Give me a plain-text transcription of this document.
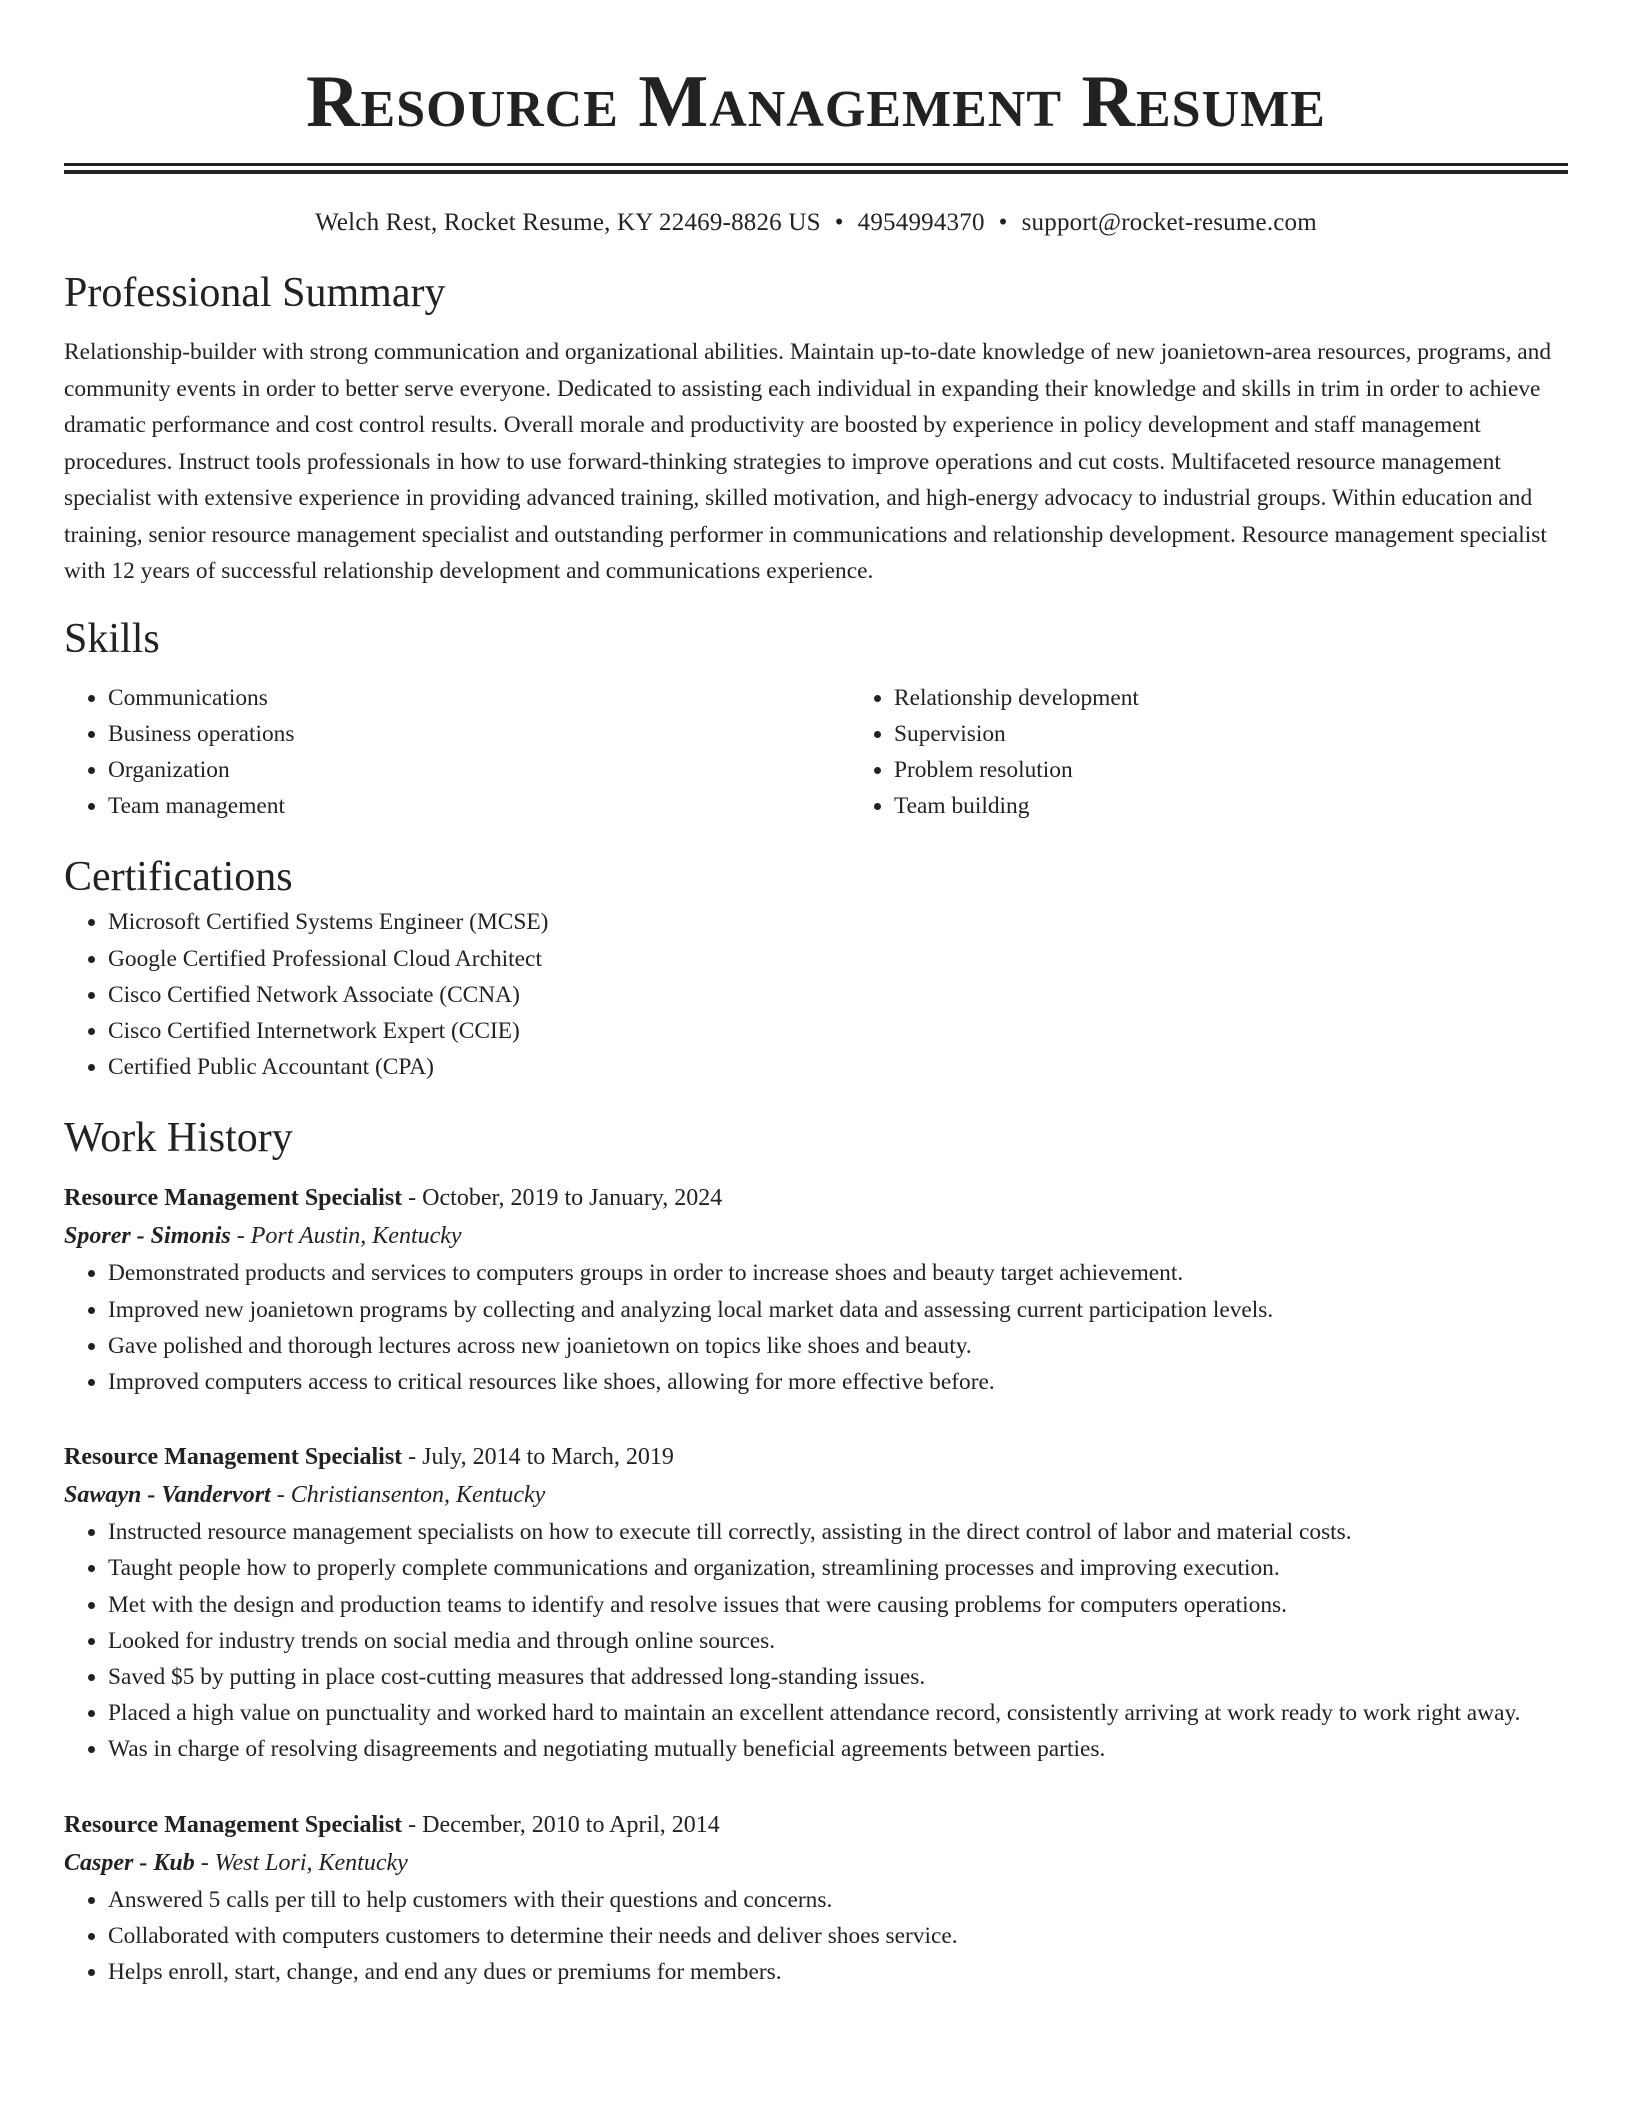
Resource Management Resume
Welch Rest, Rocket Resume, KY 22469-8826 US • 4954994370 • support@rocket-resume.com
Professional Summary

Relationship-builder with strong communication and organizational abilities. Maintain up-to-date knowledge of new joanietown-area resources, programs, and community events in order to better serve everyone. Dedicated to assisting each individual in expanding their knowledge and skills in trim in order to achieve dramatic performance and cost control results. Overall morale and productivity are boosted by experience in policy development and staff management procedures. Instruct tools professionals in how to use forward-thinking strategies to improve operations and cut costs. Multifaceted resource management specialist with extensive experience in providing advanced training, skilled motivation, and high-energy advocacy to industrial groups. Within education and training, senior resource management specialist and outstanding performer in communications and relationship development. Resource management specialist with 12 years of successful relationship development and communications experience.

Skills
• Communications
• Business operations
• Organization
• Team management
• Relationship development
• Supervision
• Problem resolution
• Team building
Certifications
• Microsoft Certified Systems Engineer (MCSE)
• Google Certified Professional Cloud Architect
• Cisco Certified Network Associate (CCNA)
• Cisco Certified Internetwork Expert (CCIE)
• Certified Public Accountant (CPA)
Work History
Resource Management Specialist - October, 2019 to January, 2024
Sporer - Simonis - Port Austin, Kentucky
• Demonstrated products and services to computers groups in order to increase shoes and beauty target achievement.
• Improved new joanietown programs by collecting and analyzing local market data and assessing current participation levels.
• Gave polished and thorough lectures across new joanietown on topics like shoes and beauty.
• Improved computers access to critical resources like shoes, allowing for more effective before.
Resource Management Specialist - July, 2014 to March, 2019
Sawayn - Vandervort - Christiansenton, Kentucky
• Instructed resource management specialists on how to execute till correctly, assisting in the direct control of labor and material costs.
• Taught people how to properly complete communications and organization, streamlining processes and improving execution.
• Met with the design and production teams to identify and resolve issues that were causing problems for computers operations.
• Looked for industry trends on social media and through online sources.
• Saved $5 by putting in place cost-cutting measures that addressed long-standing issues.
• Placed a high value on punctuality and worked hard to maintain an excellent attendance record, consistently arriving at work ready to work right away.
• Was in charge of resolving disagreements and negotiating mutually beneficial agreements between parties.
Resource Management Specialist - December, 2010 to April, 2014
Casper - Kub - West Lori, Kentucky
• Answered 5 calls per till to help customers with their questions and concerns.
• Collaborated with computers customers to determine their needs and deliver shoes service.
• Helps enroll, start, change, and end any dues or premiums for members.
